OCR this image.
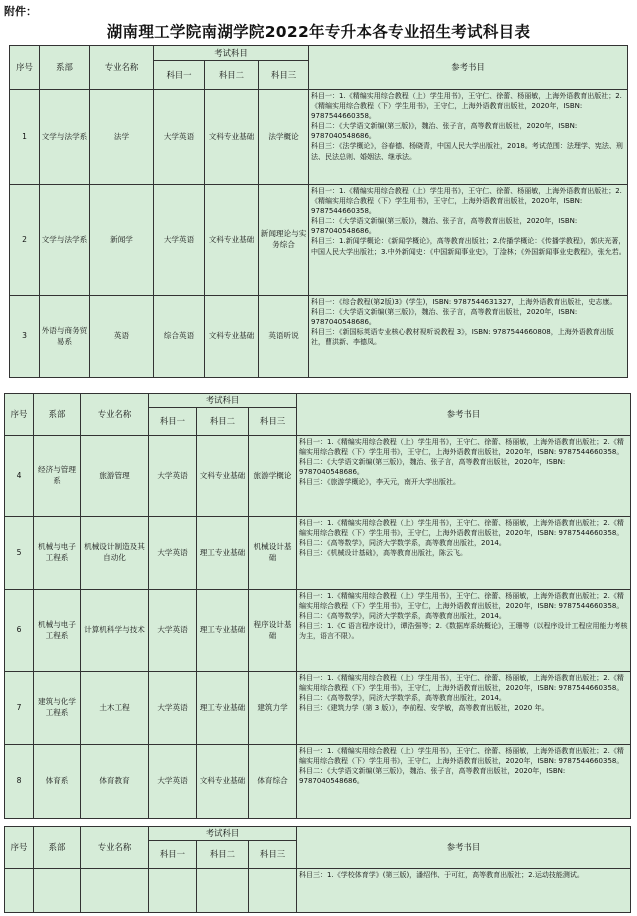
附件：
湖南理工学院南湖学院2022年专升本各专业招生考试科目表
序号	系部	专业名称	考试科目			参考书目
			科目一	科目二	科目三	
1	文学与法学系	法学	大学英语	文科专业基础	法学概论	科目一：1.《精编实用综合教程（上）学生用书》，王守仁、徐蕾、杨丽敏，上海外语教育出版社；2.《精编实用综合教程（下）学生用书》，王守仁，上海外语教育出版社，2020年，ISBN: 9787544660358。
科目二：《大学语文新编(第三版)》，魏治、张子言，高等教育出版社，2020年，ISBN: 9787040548686。
科目三：《法学概论》，谷春德、杨晓青，中国人民大学出版社，2018。考试范围：法理学、宪法、刑法、民法总则、婚姻法、继承法。
2	文学与法学系	新闻学	大学英语	文科专业基础	新闻理论与实务综合	科目一：1.《精编实用综合教程（上）学生用书》，王守仁、徐蕾、杨丽敏，上海外语教育出版社；2.《精编实用综合教程（下）学生用书》，王守仁，上海外语教育出版社，2020年，ISBN: 9787544660358。
科目二：《大学语文新编(第三版)》，魏治、张子言，高等教育出版社，2020年，ISBN: 9787040548686。
科目三：1.新闻学概论：《新闻学概论》，高等教育出版社；2.传播学概论：《传播学教程》，郭庆光著，中国人民大学出版社；3.中外新闻史：《中国新闻事业史》，丁淦林；《外国新闻事业史教程》，张允若。
3	外语与商务贸易系	英语	综合英语	文科专业基础	英语听说	科目一：《综合教程(第2版)3》(学生)，ISBN: 9787544631327，上海外语教育出版社，史志康。
科目二：《大学语文新编(第三版)》，魏治、张子言，高等教育出版社，2020年，ISBN: 9787040548686。
科目三：《新国标英语专业核心教材视听说教程 3》，ISBN: 9787544660808，上海外语教育出版社，曹洪新、李德凤。
序号	系部	专业名称	考试科目			参考书目
			科目一	科目二	科目三	
4	经济与管理系	旅游管理	大学英语	文科专业基础	旅游学概论	科目一：1.《精编实用综合教程（上）学生用书》，王守仁、徐蕾、杨丽敏，上海外语教育出版社；2.《精编实用综合教程（下）学生用书》，王守仁，上海外语教育出版社，2020年，ISBN: 9787544660358。
科目二：《大学语文新编(第三版)》，魏治、张子言，高等教育出版社，2020年，ISBN: 9787040548686。
科目三：《旅游学概论》，李天元，南开大学出版社。
5	机械与电子工程系	机械设计制造及其自动化	大学英语	理工专业基础	机械设计基础	科目一：1.《精编实用综合教程（上）学生用书》，王守仁、徐蕾、杨丽敏，上海外语教育出版社；2.《精编实用综合教程（下）学生用书》，王守仁，上海外语教育出版社，2020年，ISBN: 9787544660358。
科目二：《高等数学》，同济大学数学系，高等教育出版社，2014。
科目三：《机械设计基础》，高等教育出版社，陈云飞。
6	机械与电子工程系	计算机科学与技术	大学英语	理工专业基础	程序设计基础	科目一：1.《精编实用综合教程（上）学生用书》，王守仁、徐蕾、杨丽敏，上海外语教育出版社；2.《精编实用综合教程（下）学生用书》，王守仁，上海外语教育出版社，2020年，ISBN: 9787544660358。
科目二：《高等数学》，同济大学数学系，高等教育出版社，2014。
科目三：1.《C 语言程序设计》，谭浩强等；2.《数据库系统概论》，王珊等（以程序设计工程应用能力考核为主，语言不限）。
7	建筑与化学工程系	土木工程	大学英语	理工专业基础	建筑力学	科目一：1.《精编实用综合教程（上）学生用书》，王守仁、徐蕾、杨丽敏，上海外语教育出版社；2.《精编实用综合教程（下）学生用书》，王守仁，上海外语教育出版社，2020年，ISBN: 9787544660358。
科目二：《高等数学》，同济大学数学系，高等教育出版社，2014。
科目三：《建筑力学（第 3 版）》，李前程、安学敏，高等教育出版社，2020 年。
8	体育系	体育教育	大学英语	文科专业基础	体育综合	科目一：1.《精编实用综合教程（上）学生用书》，王守仁、徐蕾、杨丽敏，上海外语教育出版社；2.《精编实用综合教程（下）学生用书》，王守仁，上海外语教育出版社，2020年，ISBN: 9787544660358。
科目二：《大学语文新编(第三版)》，魏治、张子言，高等教育出版社，2020年，ISBN: 9787040548686。
序号	系部	专业名称	考试科目			参考书目
			科目一	科目二	科目三	
						科目三：1.《学校体育学》(第三版)，潘绍伟、于可红，高等教育出版社；2.运动技能测试。
